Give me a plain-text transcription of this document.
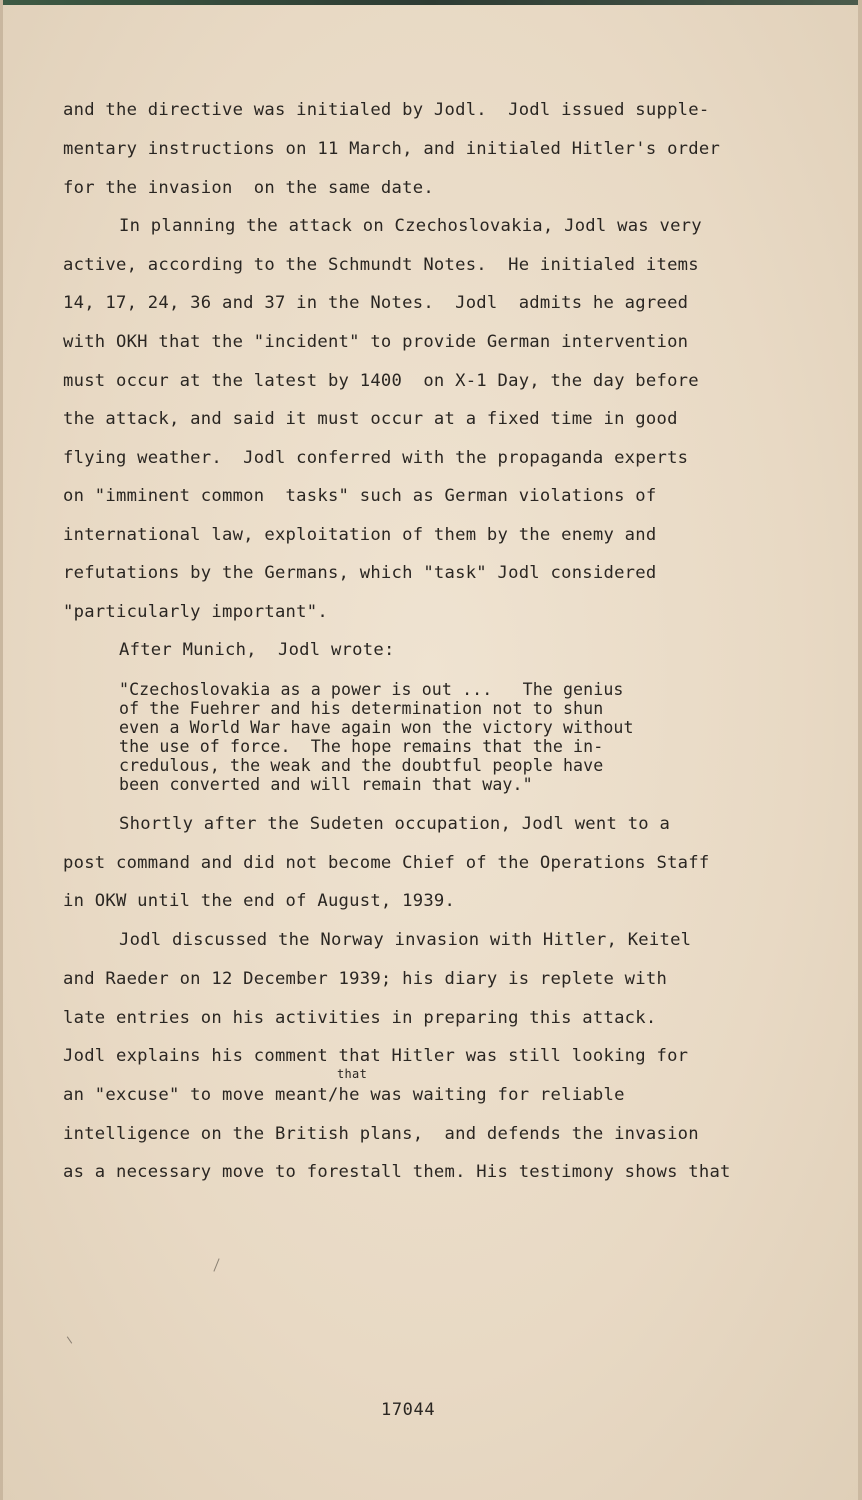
and the directive was initialed by Jodl.  Jodl issued supple-
mentary instructions on 11 March, and initialed Hitler's order
for the invasion  on the same date.
In planning the attack on Czechoslovakia, Jodl was very
active, according to the Schmundt Notes.  He initialed items
14, 17, 24, 36 and 37 in the Notes.  Jodl  admits he agreed
with OKH that the "incident" to provide German intervention
must occur at the latest by 1400  on X-1 Day, the day before
the attack, and said it must occur at a fixed time in good
flying weather.  Jodl conferred with the propaganda experts
on "imminent common  tasks" such as German violations of
international law, exploitation of them by the enemy and
refutations by the Germans, which "task" Jodl considered
"particularly important".
After Munich,  Jodl wrote:
"Czechoslovakia as a power is out ...   The genius
of the Fuehrer and his determination not to shun
even a World War have again won the victory without
the use of force.  The hope remains that the in-
credulous, the weak and the doubtful people have
been converted and will remain that way."
Shortly after the Sudeten occupation, Jodl went to a
post command and did not become Chief of the Operations Staff
in OKW until the end of August, 1939.
Jodl discussed the Norway invasion with Hitler, Keitel
and Raeder on 12 December 1939; his diary is replete with
late entries on his activities in preparing this attack.
Jodl explains his comment that Hitler was still looking for
that
an "excuse" to move meant/he was waiting for reliable
intelligence on the British plans,  and defends the invasion
as a necessary move to forestall them. His testimony shows that
17044
